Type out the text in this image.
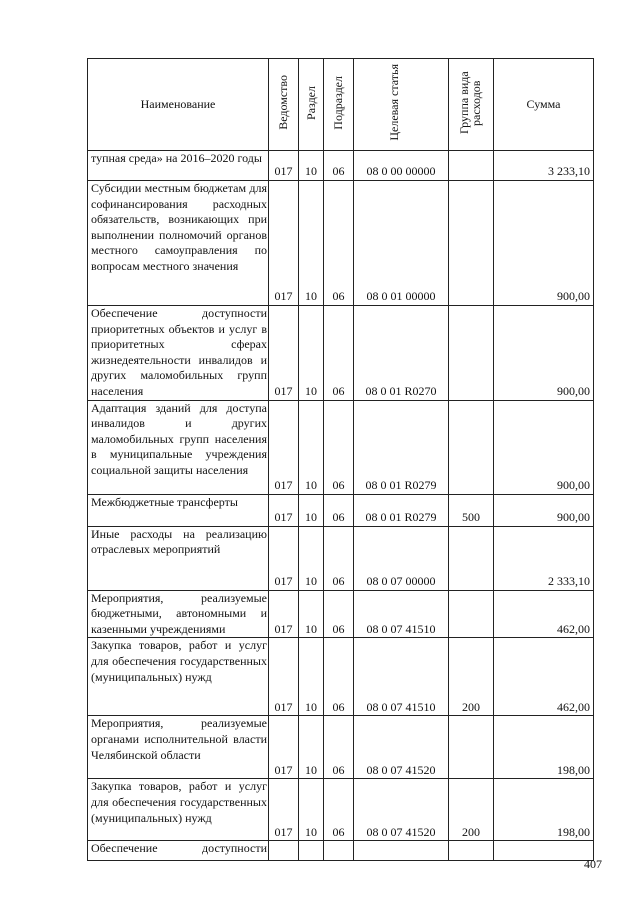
Наименование	Ведомство	Раздел	Подраздел	Целевая статья	Группа вида расходов	Сумма
тупная среда» на 2016–2020 годы	017	10	06	08 0 00 00000		3 233,10
Субсидии местным бюджетам для софинансирования расходных обязательств, возникающих при выполнении полномочий органов местного самоуправления по вопросам местного значения	017	10	06	08 0 01 00000		900,00
Обеспечение доступности приоритетных объектов и услуг в приоритетных сферах жизнедеятельности инвалидов и других маломобильных групп населения	017	10	06	08 0 01 R0270		900,00
Адаптация зданий для доступа инвалидов и других маломобильных групп населения в муниципальные учреждения социальной защиты населения	017	10	06	08 0 01 R0279		900,00
Межбюджетные трансферты	017	10	06	08 0 01 R0279	500	900,00
Иные расходы на реализацию отраслевых мероприятий	017	10	06	08 0 07 00000		2 333,10
Мероприятия, реализуемые бюджетными, автономными и казенными учреждениями	017	10	06	08 0 07 41510		462,00
Закупка товаров, работ и услуг для обеспечения государственных (муниципальных) нужд	017	10	06	08 0 07 41510	200	462,00
Мероприятия, реализуемые органами исполнительной власти Челябинской области	017	10	06	08 0 07 41520		198,00
Закупка товаров, работ и услуг для обеспечения государственных (муниципальных) нужд	017	10	06	08 0 07 41520	200	198,00
Обеспечение доступности						
407
